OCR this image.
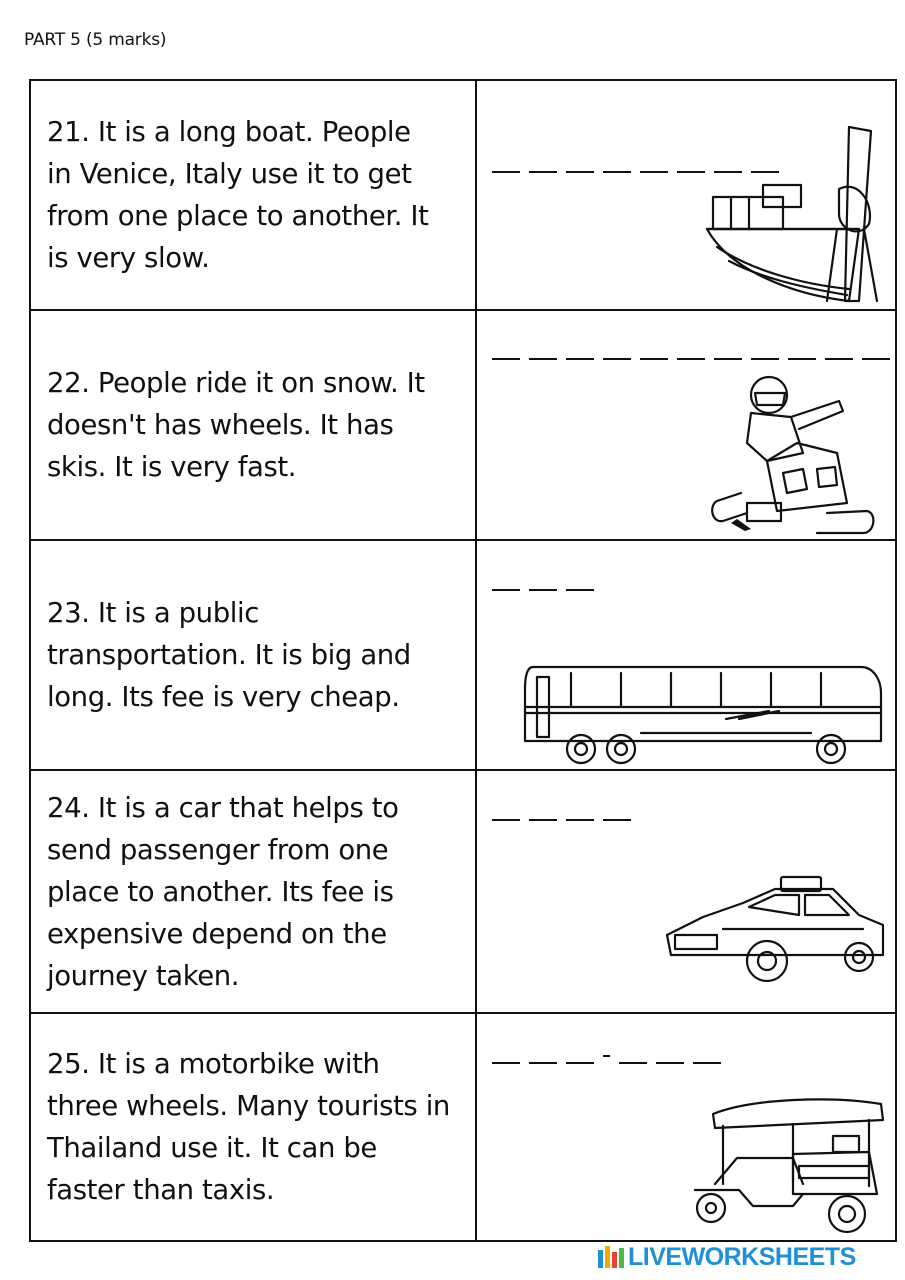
PART 5 (5 marks)
21. It is a long boat. People
in Venice, Italy use it to get
from one place to another. It
is very slow.
22. People ride it on snow. It
doesn't has wheels. It has
skis. It is very fast.
23. It is a public
transportation. It is big and
long. Its fee is very cheap.
24. It is a car that helps to
send passenger from one
place to another. Its fee is
expensive depend on the
journey taken.
25. It is a motorbike with
three wheels. Many tourists in
Thailand use it. It can be
faster than taxis.
LIVEWORKSHEETS
